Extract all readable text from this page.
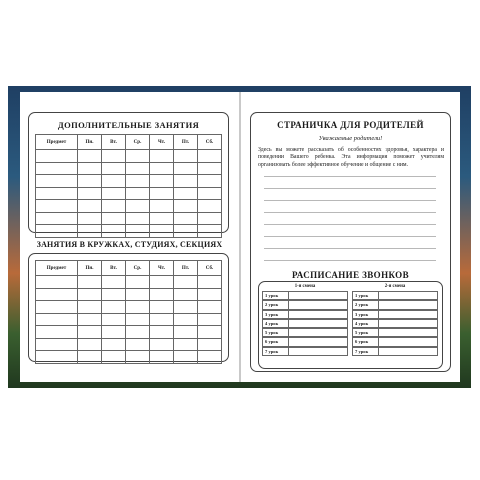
ДОПОЛНИТЕЛЬНЫЕ ЗАНЯТИЯ
Предмет	Пн.	Вт.	Ср.	Чт.	Пт.	Сб.

ЗАНЯТИЯ В КРУЖКАХ, СТУДИЯХ, СЕКЦИЯХ
Предмет	Пн.	Вт.	Ср.	Чт.	Пт.	Сб.

СТРАНИЧКА ДЛЯ РОДИТЕЛЕЙ
Уважаемые родители!
Здесь вы можете рассказать об особенностях здоровья, характера и поведении Вашего ребенка. Эта информация поможет учителям организовать более эффективное обучение и общение с ним.
РАСПИСАНИЕ ЗВОНКОВ
1-я смена
1 урок
2 урок
3 урок
4 урок
5 урок
6 урок
7 урок
2-я смена
1 урок
2 урок
3 урок
4 урок
5 урок
6 урок
7 урок
